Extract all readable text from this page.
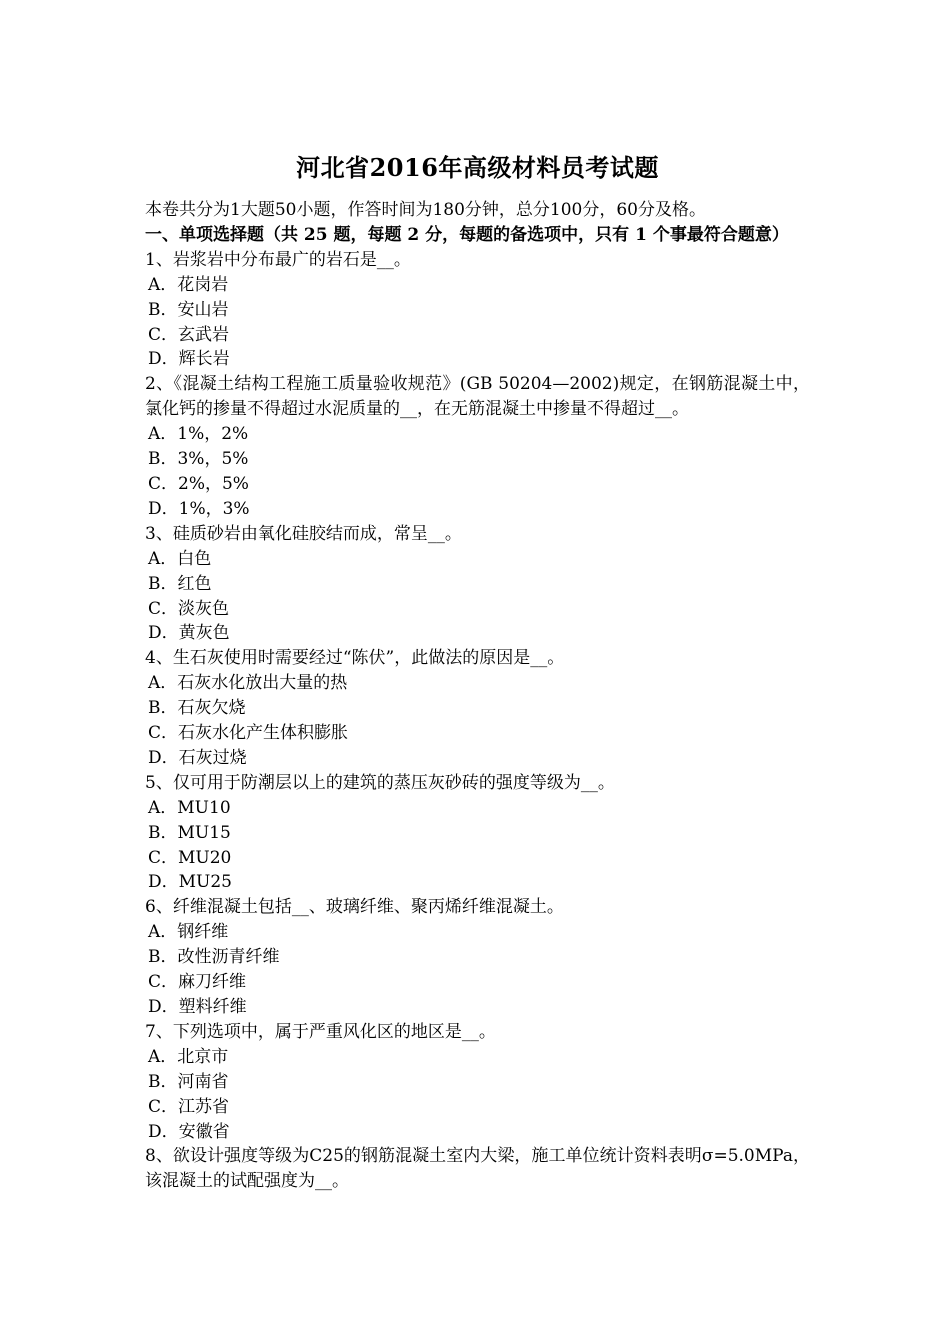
河北省2016年高级材料员考试题

本卷共分为1大题50小题，作答时间为180分钟，总分100分，60分及格。

一、单项选择题（共 25 题，每题 2 分，每题的备选项中，只有 1 个事最符合题意）

1、岩浆岩中分布最广的岩石是__。

A．花岗岩

B．安山岩

C．玄武岩

D．辉长岩

2、《混凝土结构工程施工质量验收规范》(GB 50204—2002)规定，在钢筋混凝土中，氯化钙的掺量不得超过水泥质量的__，在无筋混凝土中掺量不得超过__。

A．1%，2%

B．3%，5%

C．2%，5%

D．1%，3%

3、硅质砂岩由氧化硅胶结而成，常呈__。

A．白色

B．红色

C．淡灰色

D．黄灰色

4、生石灰使用时需要经过“陈伏”，此做法的原因是__。

A．石灰水化放出大量的热

B．石灰欠烧

C．石灰水化产生体积膨胀

D．石灰过烧

5、仅可用于防潮层以上的建筑的蒸压灰砂砖的强度等级为__。

A．MU10

B．MU15

C．MU20

D．MU25

6、纤维混凝土包括__、玻璃纤维、聚丙烯纤维混凝土。

A．钢纤维

B．改性沥青纤维

C．麻刀纤维

D．塑料纤维

7、下列选项中，属于严重风化区的地区是__。

A．北京市

B．河南省

C．江苏省

D．安徽省

8、欲设计强度等级为C25的钢筋混凝土室内大梁，施工单位统计资料表明σ=5.0MPa，该混凝土的试配强度为__。
